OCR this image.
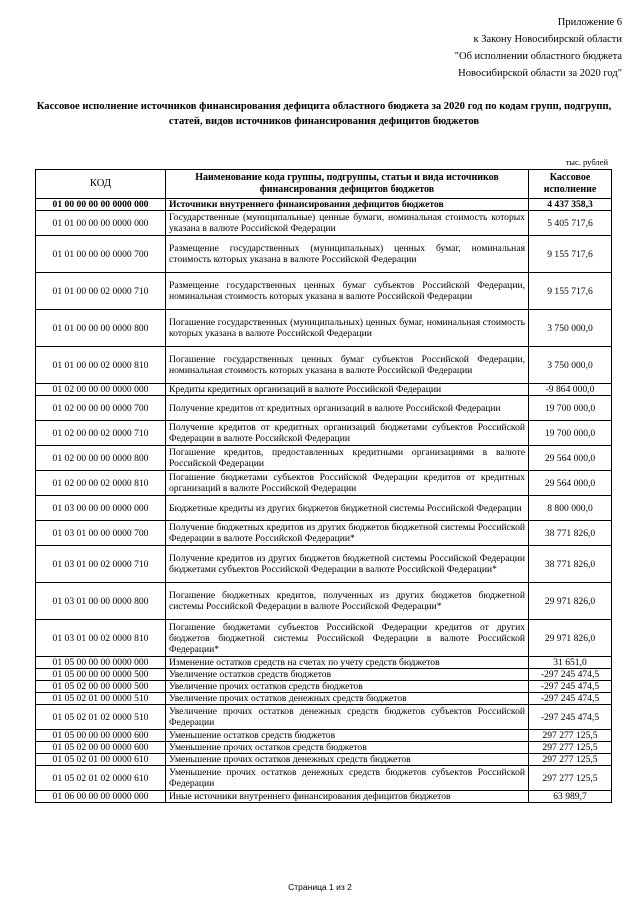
Приложение 6
к Закону Новосибирской области
"Об исполнении областного бюджета
Новосибирской области за 2020 год"
Кассовое исполнение источников финансирования дефицита областного бюджета за 2020 год по кодам групп, подгрупп, статей, видов источников финансирования дефицитов бюджетов
тыс. рублей
КОД	Наименование кода группы, подгруппы, статьи и вида источников финансирования дефицитов бюджетов	Кассовое исполнение
01 00 00 00 00 0000 000	Источники внутреннего финансирования дефицитов бюджетов	4 437 358,3
01 01 00 00 00 0000 000	Государственные (муниципальные) ценные бумаги, номинальная стоимость которых указана в валюте Российской Федерации	5 405 717,6
01 01 00 00 00 0000 700	Размещение государственных (муниципальных) ценных бумаг, номинальная стоимость которых указана в валюте Российской Федерации	9 155 717,6
01 01 00 00 02 0000 710	Размещение государственных ценных бумаг субъектов Российской Федерации, номинальная стоимость которых указана в валюте Российской Федерации	9 155 717,6
01 01 00 00 00 0000 800	Погашение государственных (муниципальных) ценных бумаг, номинальная стоимость которых указана в валюте Российской Федерации	3 750 000,0
01 01 00 00 02 0000 810	Погашение государственных ценных бумаг субъектов Российской Федерации, номинальная стоимость которых указана в валюте Российской Федерации	3 750 000,0
01 02 00 00 00 0000 000	Кредиты кредитных организаций в валюте Российской Федерации	-9 864 000,0
01 02 00 00 00 0000 700	Получение кредитов от кредитных организаций в валюте Российской Федерации	19 700 000,0
01 02 00 00 02 0000 710	Получение кредитов от кредитных организаций бюджетами субъектов Российской Федерации в валюте Российской Федерации	19 700 000,0
01 02 00 00 00 0000 800	Погашение кредитов, предоставленных кредитными организациями в валюте Российской Федерации	29 564 000,0
01 02 00 00 02 0000 810	Погашение бюджетами субъектов Российской Федерации кредитов от кредитных организаций в валюте Российской Федерации	29 564 000,0
01 03 00 00 00 0000 000	Бюджетные кредиты из других бюджетов бюджетной системы Российской Федерации	8 800 000,0
01 03 01 00 00 0000 700	Получение бюджетных кредитов из других бюджетов бюджетной системы Российской Федерации в валюте Российской Федерации*	38 771 826,0
01 03 01 00 02 0000 710	Получение кредитов из других бюджетов бюджетной системы Российской Федерации бюджетами субъектов Российской Федерации в валюте Российской Федерации*	38 771 826,0
01 03 01 00 00 0000 800	Погашение бюджетных кредитов, полученных из других бюджетов бюджетной системы Российской Федерации в валюте Российской Федерации*	29 971 826,0
01 03 01 00 02 0000 810	Погашение бюджетами субъектов Российской Федерации кредитов от других бюджетов бюджетной системы Российской Федерации в валюте Российской Федерации*	29 971 826,0
01 05 00 00 00 0000 000	Изменение остатков средств на счетах по учету средств бюджетов	31 651,0
01 05 00 00 00 0000 500	Увеличение остатков средств бюджетов	-297 245 474,5
01 05 02 00 00 0000 500	Увеличение прочих остатков средств бюджетов	-297 245 474,5
01 05 02 01 00 0000 510	Увеличение прочих остатков денежных средств бюджетов	-297 245 474,5
01 05 02 01 02 0000 510	Увеличение прочих остатков денежных средств бюджетов субъектов Российской Федерации	-297 245 474,5
01 05 00 00 00 0000 600	Уменьшение остатков средств бюджетов	297 277 125,5
01 05 02 00 00 0000 600	Уменьшение прочих остатков средств бюджетов	297 277 125,5
01 05 02 01 00 0000 610	Уменьшение прочих остатков денежных средств бюджетов	297 277 125,5
01 05 02 01 02 0000 610	Уменьшение прочих остатков денежных средств бюджетов субъектов Российской Федерации	297 277 125,5
01 06 00 00 00 0000 000	Иные источники внутреннего финансирования дефицитов бюджетов	63 989,7
Страница 1 из 2
